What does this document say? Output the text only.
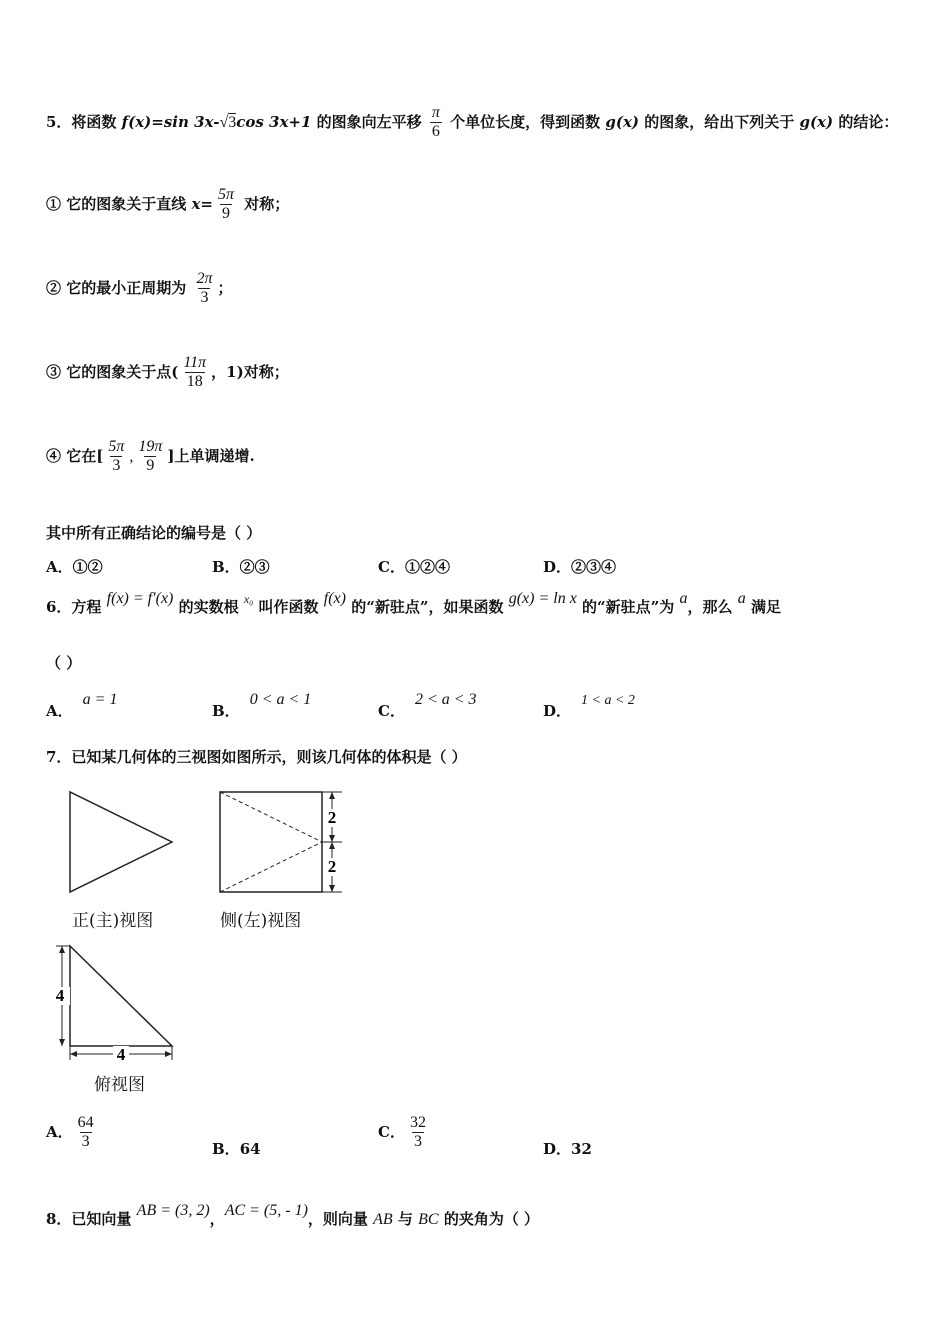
5．将函数 f(x)=sin 3x-√3cos 3x+1 的图象向左平移 $\frac{\pi}{6}$ 个单位长度，得到函数 g(x) 的图象，给出下列关于 g(x) 的结论：
① 它的图象关于直线 $x= \frac{5\pi}{9}$ 对称；
② 它的最小正周期为 $\frac{2\pi}{3}$ ；
③ 它的图象关于点( $\frac{11\pi}{18}$ ，1)对称；
④ 它在[ $\frac{5\pi}{3}$ , $\frac{19\pi}{9}$ ]上单调递增.
其中所有正确结论的编号是（ ）
A．①②	B．②③	C．①②④	D．②③④
6．方程 f(x) = f′(x) 的实数根 $^{x_0}$ 叫作函数 f(x) 的“新驻点”，如果函数 g(x) = ln x 的“新驻点”为 a，那么 a 满足
（ ）
A．a = 1
B．0 < a < 1
C．2 < a < 3
D．1 < a < 2
7．已知某几何体的三视图如图所示，则该几何体的体积是（ ）
正(主)视图
2
2
侧(左)视图
4
4
俯视图
A． $\frac{64}{3}$	B．64
C． $\frac{32}{3}$	D．32
8．已知向量 AB = (3, 2)，AC = (5, - 1)，则向量 AB 与 BC 的夹角为（ ）
